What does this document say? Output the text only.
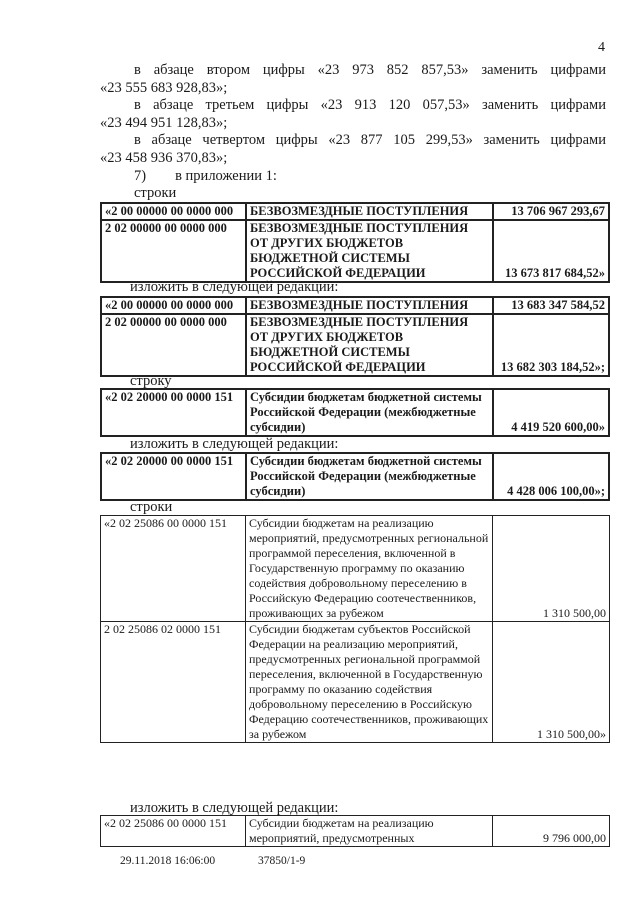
4
в абзаце втором цифры «23 973 852 857,53» заменить цифрами
«23 555 683 928,83»;
в абзаце третьем цифры «23 913 120 057,53» заменить цифрами
«23 494 951 128,83»;
в абзаце четвертом цифры «23 877 105 299,53» заменить цифрами
«23 458 936 370,83»;
7)        в приложении 1:
строки
«2 00 00000 00 0000 000	БЕЗВОЗМЕЗДНЫЕ ПОСТУПЛЕНИЯ	13 706 967 293,67
2 02 00000 00 0000 000	БЕЗВОЗМЕЗДНЫЕ ПОСТУПЛЕНИЯ ОТ ДРУГИХ БЮДЖЕТОВ БЮДЖЕТНОЙ СИСТЕМЫ РОССИЙСКОЙ ФЕДЕРАЦИИ	13 673 817 684,52»
изложить в следующей редакции:
«2 00 00000 00 0000 000	БЕЗВОЗМЕЗДНЫЕ ПОСТУПЛЕНИЯ	13 683 347 584,52
2 02 00000 00 0000 000	БЕЗВОЗМЕЗДНЫЕ ПОСТУПЛЕНИЯ ОТ ДРУГИХ БЮДЖЕТОВ БЮДЖЕТНОЙ СИСТЕМЫ РОССИЙСКОЙ ФЕДЕРАЦИИ	13 682 303 184,52»;
строку
«2 02 20000 00 0000 151	Субсидии бюджетам бюджетной системы Российской Федерации (межбюджетные субсидии)	4 419 520 600,00»
изложить в следующей редакции:
«2 02 20000 00 0000 151	Субсидии бюджетам бюджетной системы Российской Федерации (межбюджетные субсидии)	4 428 006 100,00»;
строки
«2 02 25086 00 0000 151	Субсидии бюджетам на реализацию мероприятий, предусмотренных региональной программой переселения, включенной в Государственную программу по оказанию содействия добровольному переселению в Российскую Федерацию соотечественников, проживающих за рубежом	1 310 500,00
2 02 25086 02 0000 151	Субсидии бюджетам субъектов Российской Федерации на реализацию мероприятий, предусмотренных региональной программой переселения, включенной в Государственную программу по оказанию содействия добровольному переселению в Российскую Федерацию соотечественников, проживающих за рубежом	1 310 500,00»
изложить в следующей редакции:
«2 02 25086 00 0000 151	Субсидии бюджетам на реализацию мероприятий, предусмотренных	9 796 000,00
29.11.2018 16:06:00	37850/1-9
